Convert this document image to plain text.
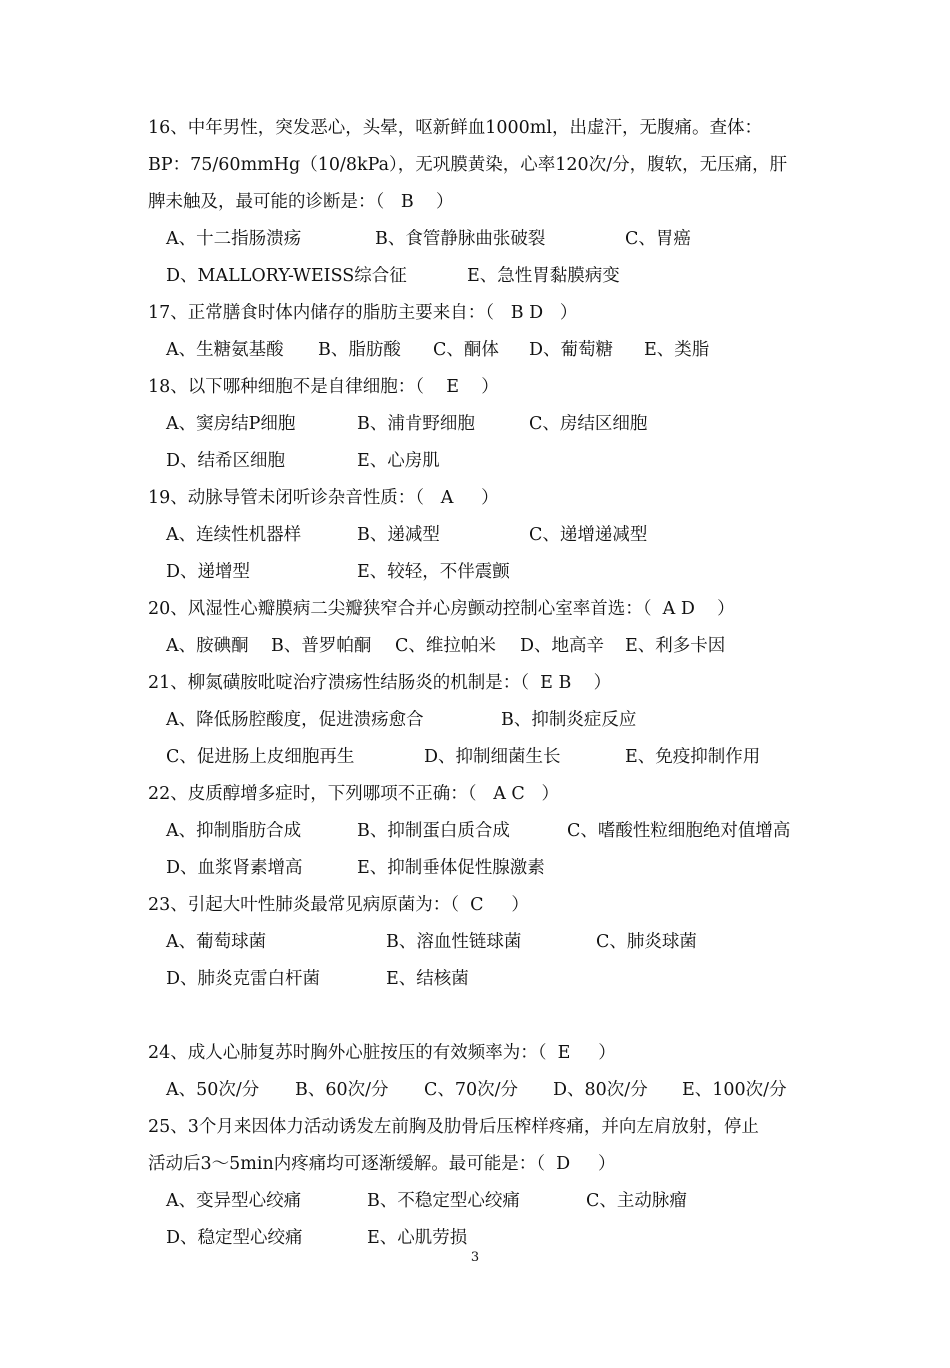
16、中年男性，突发恶心，头晕，呕新鲜血1000ml，出虚汗，无腹痛。查体：
BP：75/60mmHg（10/8kPa），无巩膜黄染，心率120次/分，腹软，无压痛，肝
脾未触及，最可能的诊断是：（   B    ）

A、十二指肠溃疡

	B、食管静脉曲张破裂

	C、胃癌

D、MALLORY-WEISS综合征

	E、急性胃黏膜病变

17、正常膳食时体内储存的脂肪主要来自：（   B D   ）

A、生糖氨基酸

B、脂肪酸

C、酮体

D、葡萄糖

E、类脂

18、以下哪种细胞不是自律细胞：（    E    ）

A、窦房结P细胞

	B、浦肯野细胞

	C、房结区细胞

D、结希区细胞

	E、心房肌

19、动脉导管未闭听诊杂音性质：（   A     ）

A、连续性机器样

	B、递减型

	C、递增递减型

D、递增型

	E、较轻，不伴震颤

20、风湿性心瓣膜病二尖瓣狭窄合并心房颤动控制心室率首选：（  A D    ）

A、胺碘酮

B、普罗帕酮

C、维拉帕米

D、地高辛

E、利多卡因

21、柳氮磺胺吡啶治疗溃疡性结肠炎的机制是：（  E B    ）

A、降低肠腔酸度，促进溃疡愈合

	B、抑制炎症反应

C、促进肠上皮细胞再生

	D、抑制细菌生长

	E、免疫抑制作用

22、皮质醇增多症时，下列哪项不正确：（   A C   ）

A、抑制脂肪合成

	B、抑制蛋白质合成

	C、嗜酸性粒细胞绝对值增高

D、血浆肾素增高

	E、抑制垂体促性腺激素

23、引起大叶性肺炎最常见病原菌为：（  C     ）

A、葡萄球菌

	B、溶血性链球菌

	C、肺炎球菌

D、肺炎克雷白杆菌

	E、结核菌

24、成人心肺复苏时胸外心脏按压的有效频率为：（  E     ）

A、50次/分

B、60次/分

C、70次/分

D、80次/分

E、100次/分

25、3个月来因体力活动诱发左前胸及肋骨后压榨样疼痛，并向左肩放射，停止
活动后3～5min内疼痛均可逐渐缓解。最可能是：（  D     ）

A、变异型心绞痛

	B、不稳定型心绞痛

	C、主动脉瘤

D、稳定型心绞痛

	E、心肌劳损

3
